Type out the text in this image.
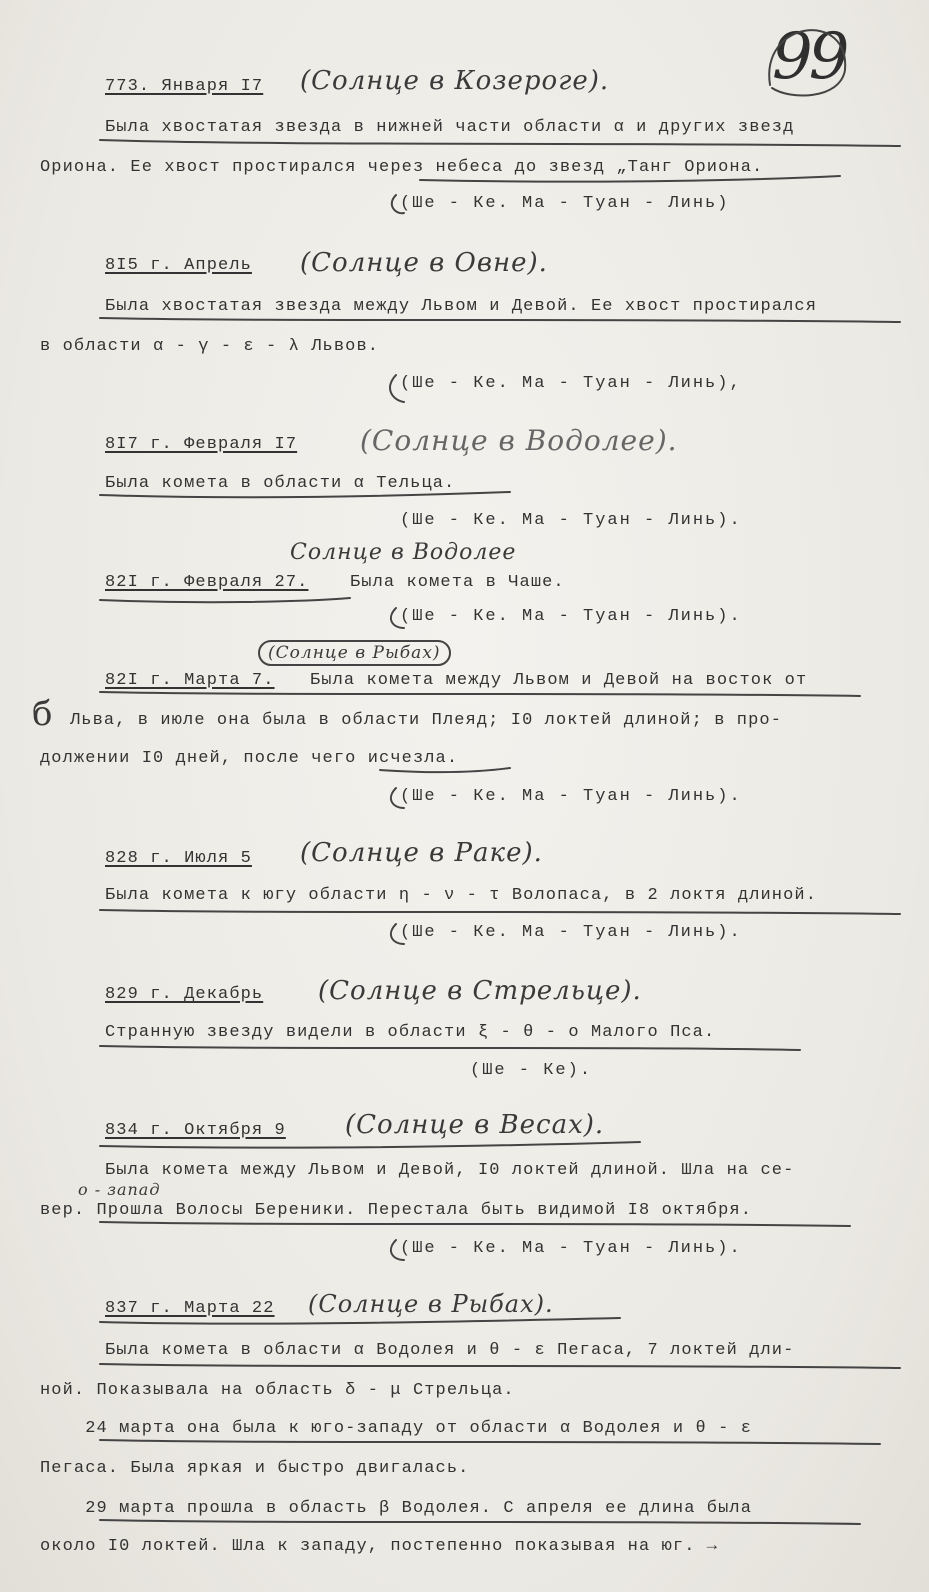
99

773. Января I7 (Солнце в Козероге).

Была хвостатая звезда в нижней части области α и других звезд

Ориона. Ее хвост простирался через небеса до звезд „Танг Ориона.

(Ше - Ке. Ма - Туан - Линь)

8I5 г. Апрель (Солнце в Овне).

Была хвостатая звезда между Львом и Девой. Ее хвост простирался

в области α - γ - ε - λ Львов.

(Ше - Ке. Ма - Туан - Линь),

8I7 г. Февраля I7 (Солнце в Водолее).

Была комета в области α Тельца.

(Ше - Ке. Ма - Туан - Линь).

Солнце в Водолее

82I г. Февраля 27. Была комета в Чаше.

(Ше - Ке. Ма - Туан - Линь).

(Солнце в Рыбах)

82I г. Марта 7. Была комета между Львом и Девой на восток от

б Льва, в июле она была в области Плеяд; I0 локтей длиной; в про-

должении I0 дней, после чего исчезла.

(Ше - Ке. Ма - Туан - Линь).

828 г. Июля 5 (Солнце в Раке).

Была комета к югу области η - ν - τ Волопаса, в 2 локтя длиной.

(Ше - Ке. Ма - Туан - Линь).

829 г. Декабрь (Солнце в Стрельце).

Странную звезду видели в области ξ - θ - ο Малого Пса.

(Ше - Ке).

834 г. Октября 9 (Солнце в Весах).

Была комета между Львом и Девой, I0 локтей длиной. Шла на се-

о - запад

вер. Прошла Волосы Береники. Перестала быть видимой I8 октября.

(Ше - Ке. Ма - Туан - Линь).

837 г. Марта 22 (Солнце в Рыбах).

Была комета в области α Водолея и θ - ε Пегаса, 7 локтей дли-

ной. Показывала на область δ - μ Стрельца.

24 марта она была к юго-западу от области α Водолея и θ - ε

Пегаса. Была яркая и быстро двигалась.

29 марта прошла в область β Водолея. С апреля ее длина была

около I0 локтей. Шла к западу, постепенно показывая на юг. →
